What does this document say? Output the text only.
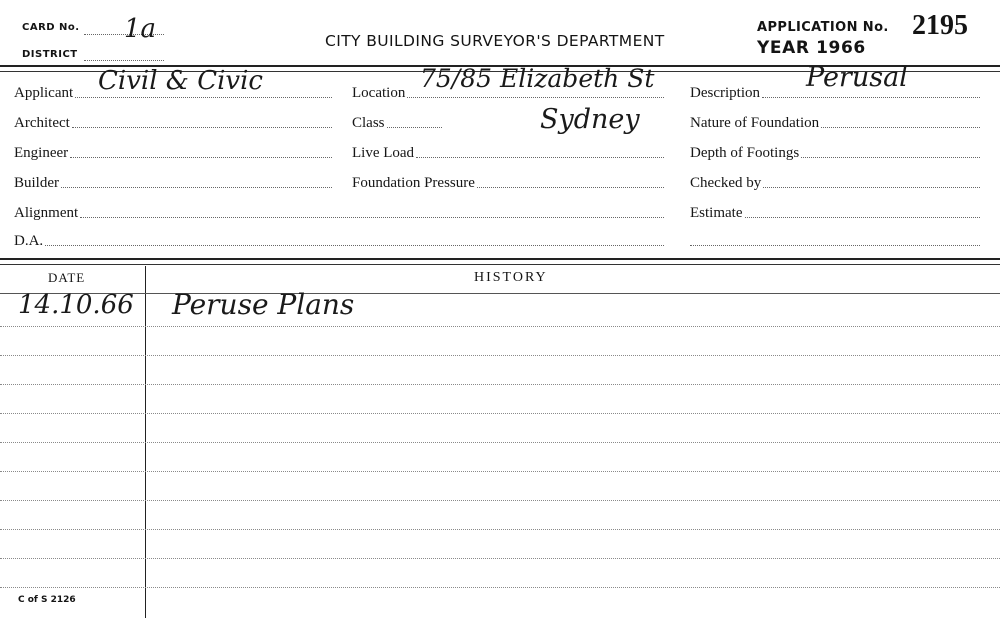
CARD No. 1a
DISTRICT
CITY BUILDING SURVEYOR'S DEPARTMENT
APPLICATION No. 2195
YEAR 1966
Applicant Civil & Civic
Architect
Engineer
Builder
Alignment
D.A.
Location 75/85 Elizabeth St
Sydney
Class
Live Load
Foundation Pressure
Description Perusal
Nature of Foundation
Depth of Footings
Checked by
Estimate
DATE	HISTORY
14.10.66 Peruse Plans
C of S 2126
